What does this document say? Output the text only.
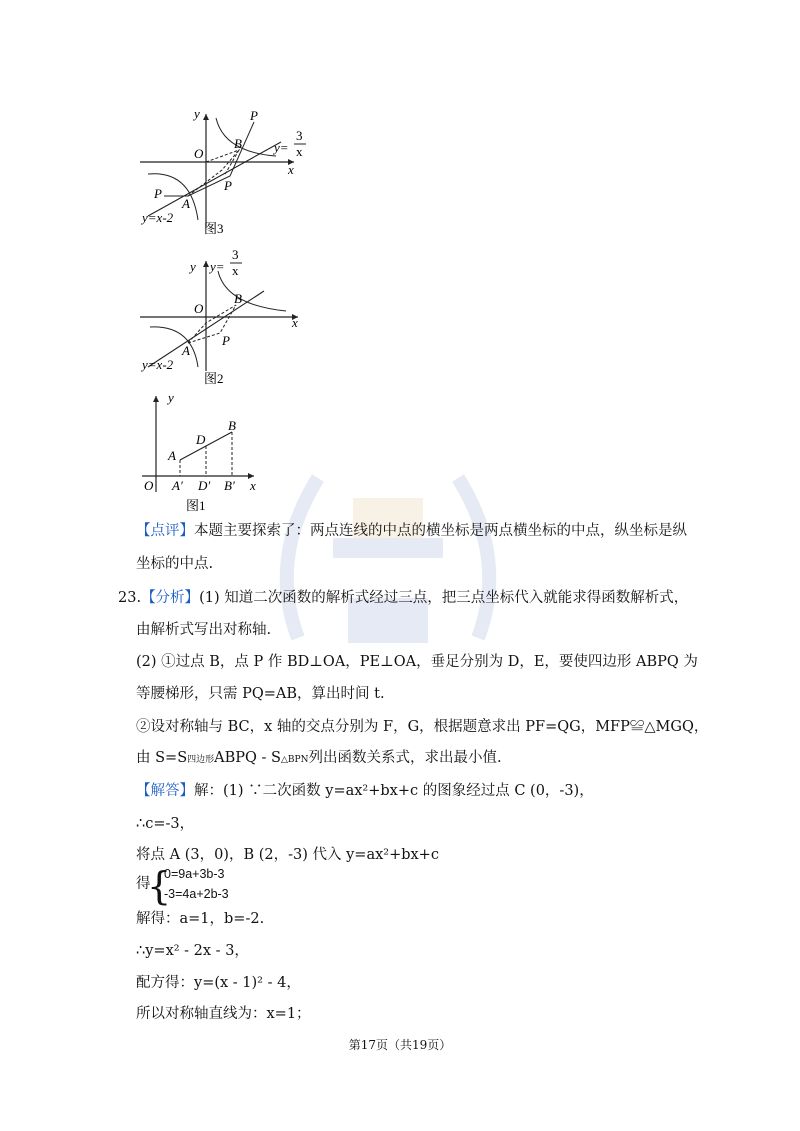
y
x
O
P
P
P
B
A
y=
3
x
y=x-2
图3
y
x
O
B
A
P
y=
3
x
y=x-2
图2
y
x
O
A
D
B
A′ D′ B′
图1
【点评】本题主要探索了：两点连线的中点的横坐标是两点横坐标的中点，纵坐标是纵
坐标的中点.
23.【分析】(1) 知道二次函数的解析式经过三点，把三点坐标代入就能求得函数解析式，
由解析式写出对称轴.
(2) ①过点 B，点 P 作 BD⊥OA，PE⊥OA，垂足分别为 D，E，要使四边形 ABPQ 为
等腰梯形，只需 PQ=AB，算出时间 t.
②设对称轴与 BC，x 轴的交点分别为 F，G，根据题意求出 PF=QG，MFP≌△MGQ，
由 S=S四边形ABPQ - S△BPN列出函数关系式，求出最小值.
【解答】解：(1) ∵二次函数 y=ax²+bx+c 的图象经过点 C (0，-3)，
∴c=-3，
将点 A (3，0)，B (2，-3) 代入 y=ax²+bx+c
得
{
0=9a+3b-3
-3=4a+2b-3
解得：a=1，b=-2.
∴y=x² - 2x - 3，
配方得：y=(x - 1)² - 4，
所以对称轴直线为：x=1；
第17页（共19页）
